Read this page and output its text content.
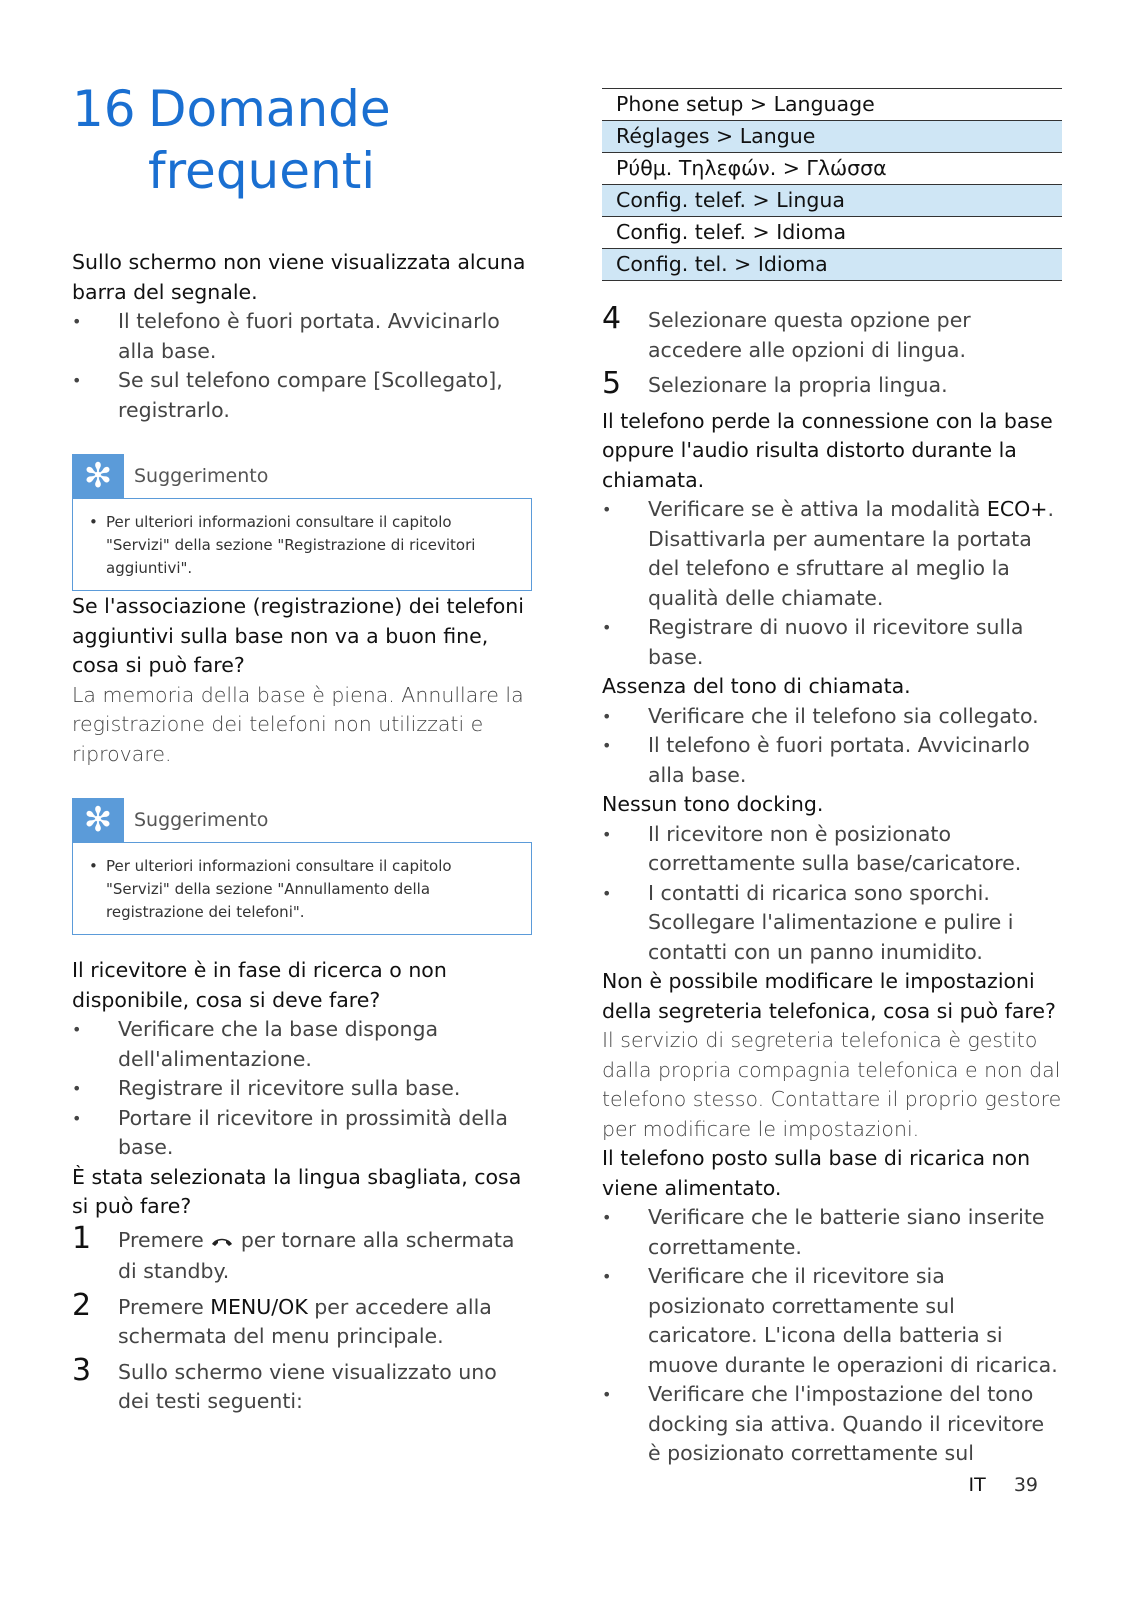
16 Domande
frequenti
Sullo schermo non viene visualizzata alcuna barra del segnale.
• Il telefono è fuori portata. Avvicinarlo alla base.
• Se sul telefono compare [Scollegato], registrarlo.
✻ Suggerimento
• Per ulteriori informazioni consultare il capitolo "Servizi" della sezione "Registrazione di ricevitori aggiuntivi".
Se l'associazione (registrazione) dei telefoni aggiuntivi sulla base non va a buon fine, cosa si può fare?
La memoria della base è piena. Annullare la registrazione dei telefoni non utilizzati e riprovare.
✻ Suggerimento
• Per ulteriori informazioni consultare il capitolo "Servizi" della sezione "Annullamento della registrazione dei telefoni".
Il ricevitore è in fase di ricerca o non disponibile, cosa si deve fare?
• Verificare che la base disponga dell'alimentazione.
• Registrare il ricevitore sulla base.
• Portare il ricevitore in prossimità della base.
È stata selezionata la lingua sbagliata, cosa si può fare?
1 Premere per tornare alla schermata di standby.
2 Premere MENU/OK per accedere alla schermata del menu principale.
3 Sullo schermo viene visualizzato uno dei testi seguenti:
Phone setup > Language
Réglages > Langue
Ρύθμ. Τηλεφών. > Γλώσσα
Config. telef. > Lingua
Config. telef. > Idioma
Config. tel. > Idioma
4 Selezionare questa opzione per accedere alle opzioni di lingua.
5 Selezionare la propria lingua.
Il telefono perde la connessione con la base oppure l'audio risulta distorto durante la chiamata.
• Verificare se è attiva la modalità ECO+. Disattivarla per aumentare la portata del telefono e sfruttare al meglio la qualità delle chiamate.
• Registrare di nuovo il ricevitore sulla base.
Assenza del tono di chiamata.
• Verificare che il telefono sia collegato.
• Il telefono è fuori portata. Avvicinarlo alla base.
Nessun tono docking.
• Il ricevitore non è posizionato correttamente sulla base/caricatore.
• I contatti di ricarica sono sporchi. Scollegare l'alimentazione e pulire i contatti con un panno inumidito.
Non è possibile modificare le impostazioni della segreteria telefonica, cosa si può fare?
Il servizio di segreteria telefonica è gestito dalla propria compagnia telefonica e non dal telefono stesso. Contattare il proprio gestore per modificare le impostazioni.
Il telefono posto sulla base di ricarica non viene alimentato.
• Verificare che le batterie siano inserite correttamente.
• Verificare che il ricevitore sia posizionato correttamente sul caricatore. L'icona della batteria si muove durante le operazioni di ricarica.
• Verificare che l'impostazione del tono docking sia attiva. Quando il ricevitore è posizionato correttamente sul
IT 39
